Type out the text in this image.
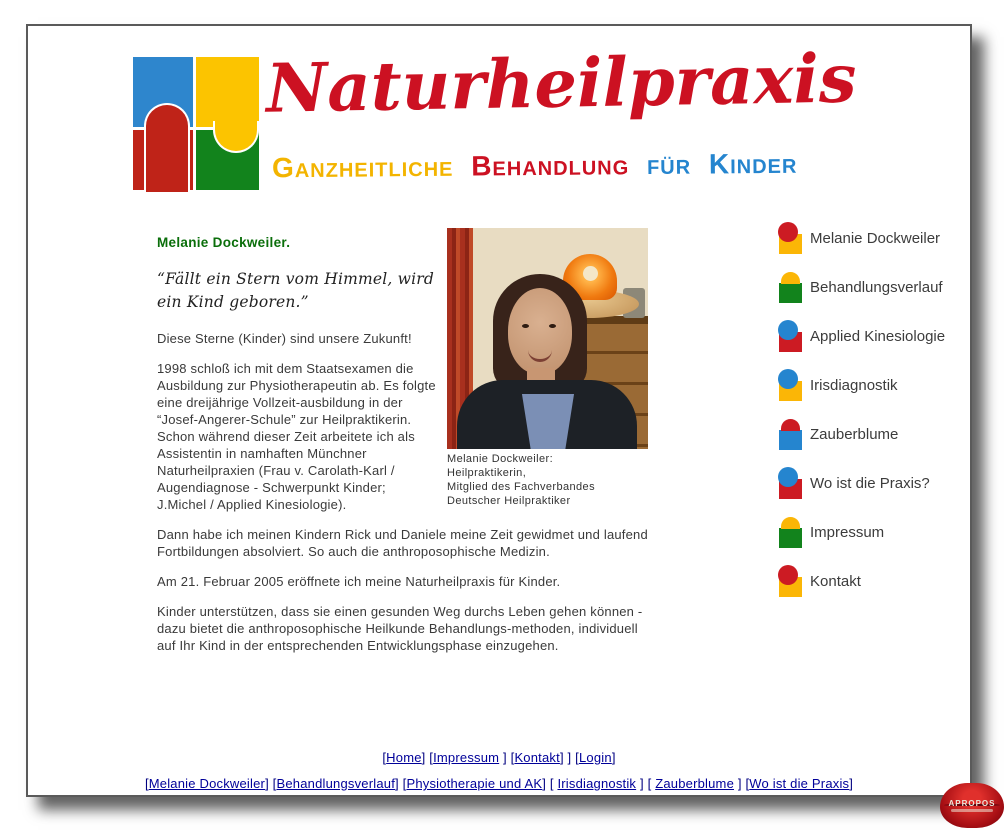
Naturheilpraxis
Ganzheitliche Behandlung für Kinder
Melanie Dockweiler:
Heilpraktikerin,
Mitglied des Fachverbandes
Deutscher Heilpraktiker
Melanie Dockweiler.
“Fällt ein Stern vom Himmel, wird ein Kind geboren.”

Diese Sterne (Kinder) sind unsere Zukunft!

1998 schloß ich mit dem Staatsexamen die Ausbildung zur Physiotherapeutin ab. Es folgte eine dreijährige Vollzeit-ausbildung in der “Josef-Angerer-Schule” zur Heilpraktikerin. Schon während dieser Zeit arbeitete ich als Assistentin in namhaften Münchner Naturheilpraxien (Frau v. Carolath-Karl / Augendiagnose - Schwerpunkt Kinder; J.Michel / Applied Kinesiologie).

Dann habe ich meinen Kindern Rick und Daniele meine Zeit gewidmet und laufend Fortbildungen absolviert. So auch die anthroposophische Medizin.

Am 21. Februar 2005 eröffnete ich meine Naturheilpraxis für Kinder.

Kinder unterstützen, dass sie einen gesunden Weg durchs Leben gehen können - dazu bietet die anthroposophische Heilkunde Behandlungs-methoden, individuell auf Ihr Kind in der entsprechenden Entwicklungsphase einzugehen.

Melanie Dockweiler
Behandlungsverlauf
Applied Kinesiologie
Irisdiagnostik
Zauberblume
Wo ist die Praxis?
Impressum
Kontakt
[Home] [Impressum ] [Kontakt] ] [Login]
[Melanie Dockweiler] [Behandlungsverlauf] [Physiotherapie und AK] [ Irisdiagnostik ] [ Zauberblume ] [Wo ist die Praxis]
APROPOS
